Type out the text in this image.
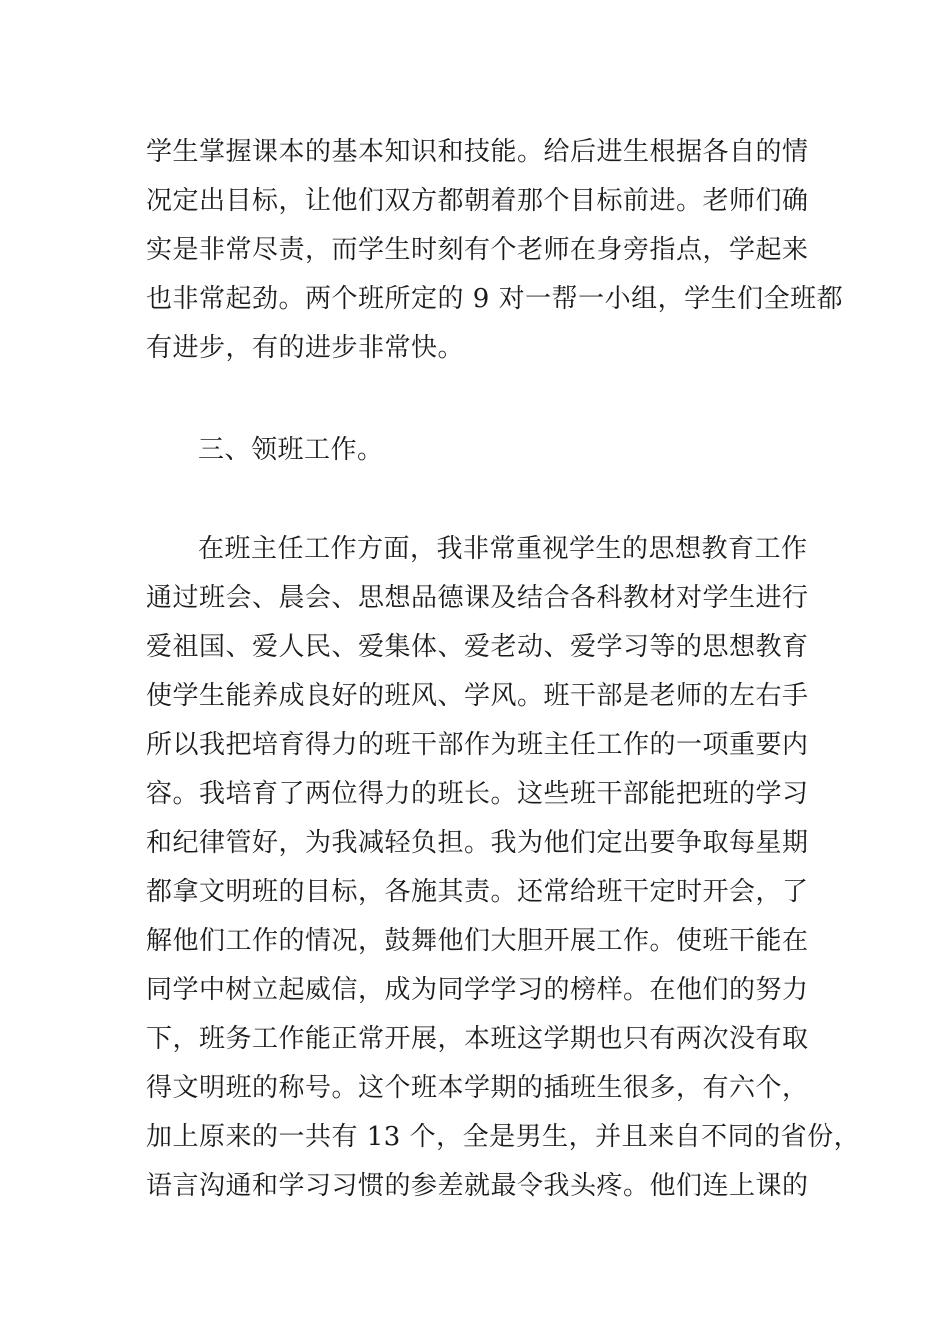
学生掌握课本的基本知识和技能。给后进生根据各自的情
况定出目标，让他们双方都朝着那个目标前进。老师们确
实是非常尽责，而学生时刻有个老师在身旁指点，学起来
也非常起劲。两个班所定的 9 对一帮一小组，学生们全班都
有进步，有的进步非常快。
三、领班工作。
在班主任工作方面，我非常重视学生的思想教育工作
通过班会、晨会、思想品德课及结合各科教材对学生进行
爱祖国、爱人民、爱集体、爱老动、爱学习等的思想教育
使学生能养成良好的班风、学风。班干部是老师的左右手
所以我把培育得力的班干部作为班主任工作的一项重要内
容。我培育了两位得力的班长。这些班干部能把班的学习
和纪律管好，为我减轻负担。我为他们定出要争取每星期
都拿文明班的目标，各施其责。还常给班干定时开会，了
解他们工作的情况，鼓舞他们大胆开展工作。使班干能在
同学中树立起威信，成为同学学习的榜样。在他们的努力
下，班务工作能正常开展，本班这学期也只有两次没有取
得文明班的称号。这个班本学期的插班生很多，有六个，
加上原来的一共有 13 个，全是男生，并且来自不同的省份，
语言沟通和学习习惯的参差就最令我头疼。他们连上课的
